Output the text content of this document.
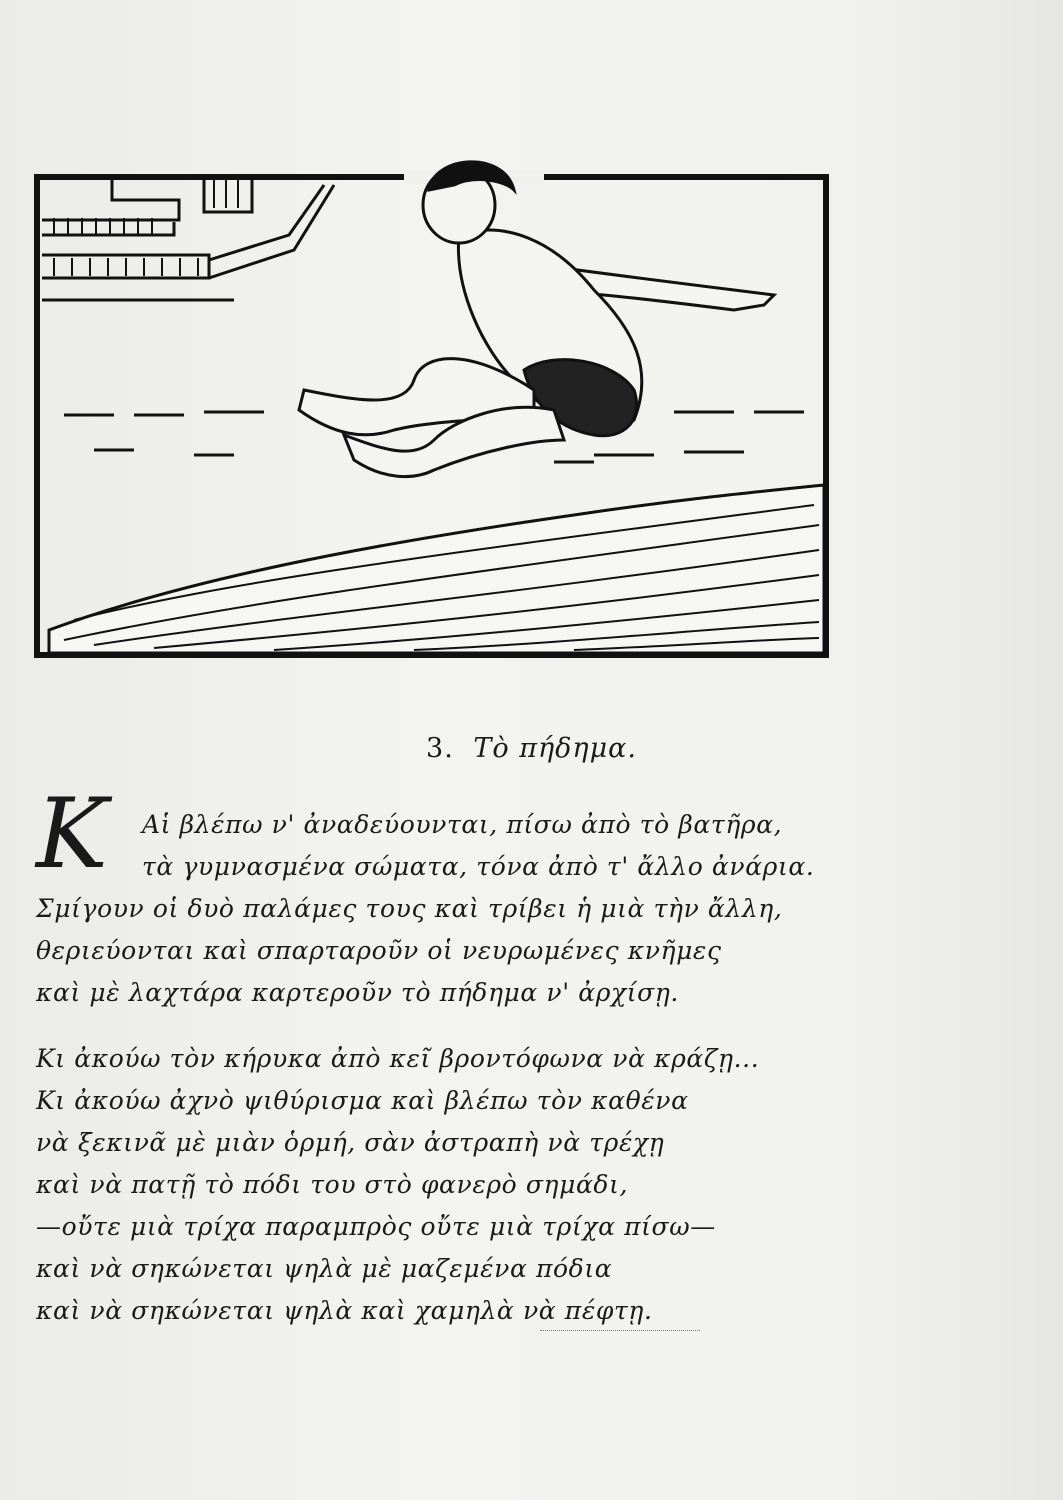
3. Τὸ πήδημα.
Κ Αἱ βλέπω ν' ἀναδεύουνται, πίσω ἀπὸ τὸ βατῆρα,
τὰ γυμνασμένα σώματα, τόνα ἀπὸ τ' ἄλλο ἀνάρια.
Σμίγουν οἱ δυὸ παλάμες τους καὶ τρίβει ἡ μιὰ τὴν ἄλλη,
θεριεύονται καὶ σπαρταροῦν οἱ νευρωμένες κνῆμες
καὶ μὲ λαχτάρα καρτεροῦν τὸ πήδημα ν' ἀρχίσῃ.
Κι ἀκούω τὸν κήρυκα ἀπὸ κεῖ βροντόφωνα νὰ κράζῃ...
Κι ἀκούω ἀχνὸ ψιθύρισμα καὶ βλέπω τὸν καθένα
νὰ ξεκινᾶ μὲ μιὰν ὁρμή, σὰν ἀστραπὴ νὰ τρέχῃ
καὶ νὰ πατῇ τὸ πόδι του στὸ φανερὸ σημάδι,
—οὔτε μιὰ τρίχα παραμπρὸς οὔτε μιὰ τρίχα πίσω—
καὶ νὰ σηκώνεται ψηλὰ μὲ μαζεμένα πόδια
καὶ νὰ σηκώνεται ψηλὰ καὶ χαμηλὰ νὰ πέφτῃ.
